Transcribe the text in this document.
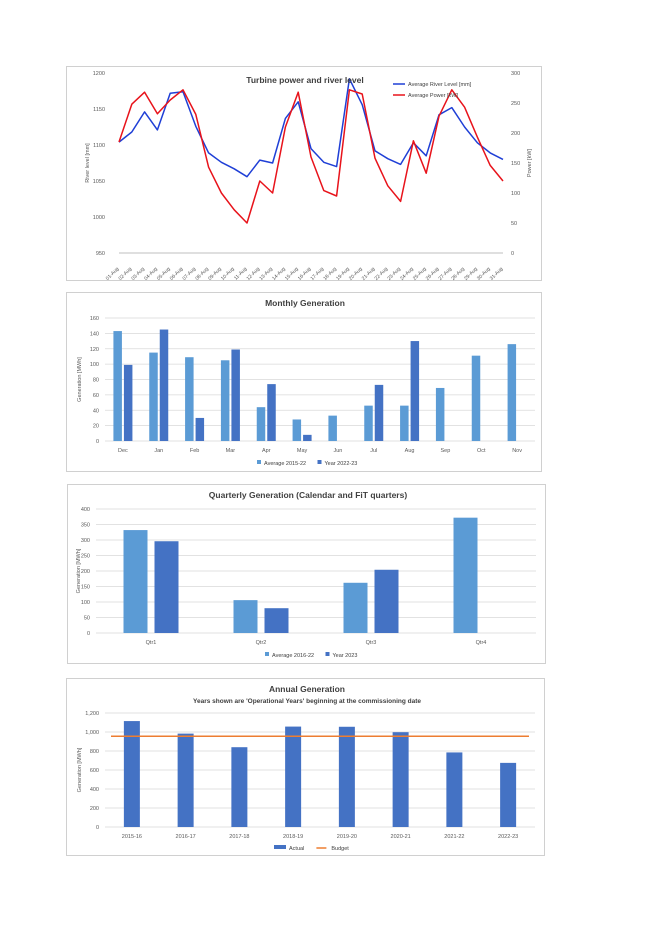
950
1000
1050
1100
1150
1200
0
50
100
150
200
250
300
01-Aug
02-Aug
03-Aug
04-Aug
05-Aug
06-Aug
07-Aug
08-Aug
09-Aug
10-Aug
11-Aug
12-Aug
13-Aug
14-Aug
15-Aug
16-Aug
17-Aug
18-Aug
19-Aug
20-Aug
21-Aug
22-Aug
23-Aug
24-Aug
25-Aug
26-Aug
27-Aug
28-Aug
29-Aug
30-Aug
31-Aug
River level [mm]	Power [kW]
Turbine power and river level	Average River Level [mm]
Average Power [kW]
0
20
40
60
80
100
120
140
160
Generation [MWh]
Dec	Jan	Feb	Mar	Apr	May	Jun	Jul	Aug	Sep	Oct	Nov
Monthly Generation
Average 2015-22	Year 2022-23
0
50
100
150
200
250
300
350
400
Generation [MWh]
Qtr1	Qtr2	Qtr3	Qtr4
Quarterly Generation (Calendar and FiT quarters)
Average 2016-22	Year 2023
0
200
400
600
800
1,000
1,200
Generation [MWh]
2015-16	2016-17	2017-18	2018-19	2019-20	2020-21	2021-22	2022-23
Annual Generation
Years shown are 'Operational Years' beginning at the commissioning date
Actual	Budget
